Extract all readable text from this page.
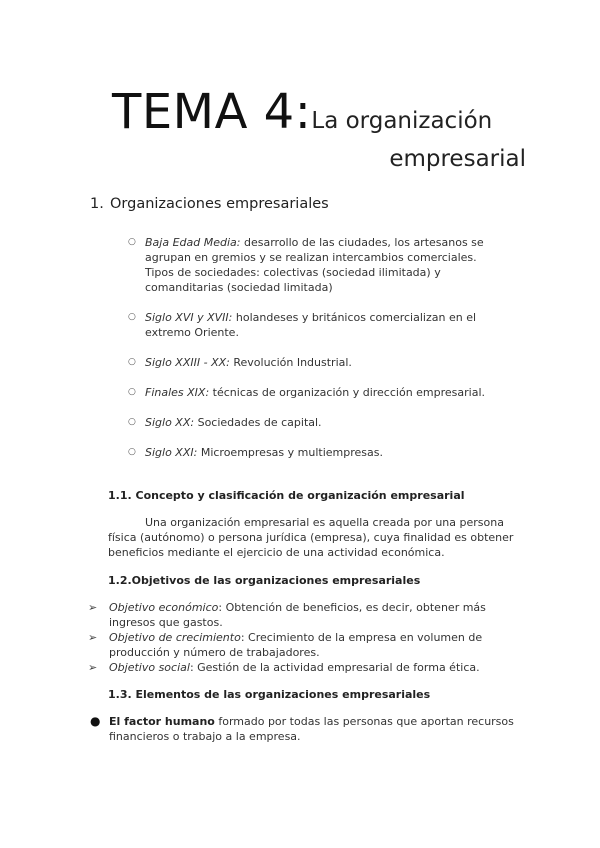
TEMA 4:La organización
empresarial
1. Organizaciones empresariales
○ Baja Edad Media: desarrollo de las ciudades, los artesanos se agrupan en gremios y se realizan intercambios comerciales. Tipos de sociedades: colectivas (sociedad ilimitada) y comanditarias (sociedad limitada)
○ Siglo XVI y XVII: holandeses y británicos comercializan en el extremo Oriente.
○ Siglo XXIII - XX: Revolución Industrial.
○ Finales XIX: técnicas de organización y dirección empresarial.
○ Siglo XX: Sociedades de capital.
○ Siglo XXI: Microempresas y multiempresas.
1.1. Concepto y clasificación de organización empresarial

Una organización empresarial es aquella creada por una persona física (autónomo) o persona jurídica (empresa), cuya finalidad es obtener beneficios mediante el ejercicio de una actividad económica.

1.2.Objetivos de las organizaciones empresariales
➢ Objetivo económico: Obtención de beneficios, es decir, obtener más ingresos que gastos.
➢ Objetivo de crecimiento: Crecimiento de la empresa en volumen de producción y número de trabajadores.
➢ Objetivo social: Gestión de la actividad empresarial de forma ética.
1.3. Elementos de las organizaciones empresariales
● El factor humano formado por todas las personas que aportan recursos financieros o trabajo a la empresa.
